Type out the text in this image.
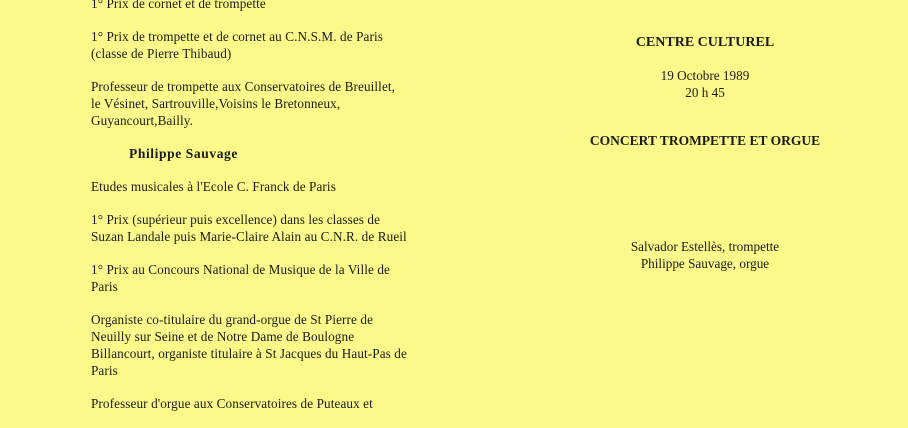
1° Prix de cornet et de trompette

1° Prix de trompette et de cornet au C.N.S.M. de Paris
(classe de Pierre Thibaud)

Professeur de trompette aux Conservatoires de Breuillet,
le Vésinet, Sartrouville,Voisins le Bretonneux,
Guyancourt,Bailly.

Philippe Sauvage

Etudes musicales à l'Ecole C. Franck de Paris

1° Prix (supérieur puis excellence) dans les classes de
Suzan Landale puis Marie-Claire Alain au C.N.R. de Rueil

1° Prix au Concours National de Musique de la Ville de
Paris

Organiste co-titulaire du grand-orgue de St Pierre de
Neuilly sur Seine et de Notre Dame de Boulogne
Billancourt, organiste titulaire à St Jacques du Haut-Pas de
Paris

Professeur d'orgue aux Conservatoires de Puteaux et

CENTRE CULTUREL

19 Octobre 1989

20 h 45

CONCERT TROMPETTE ET ORGUE

Salvador Estellès, trompette

Philippe Sauvage, orgue
